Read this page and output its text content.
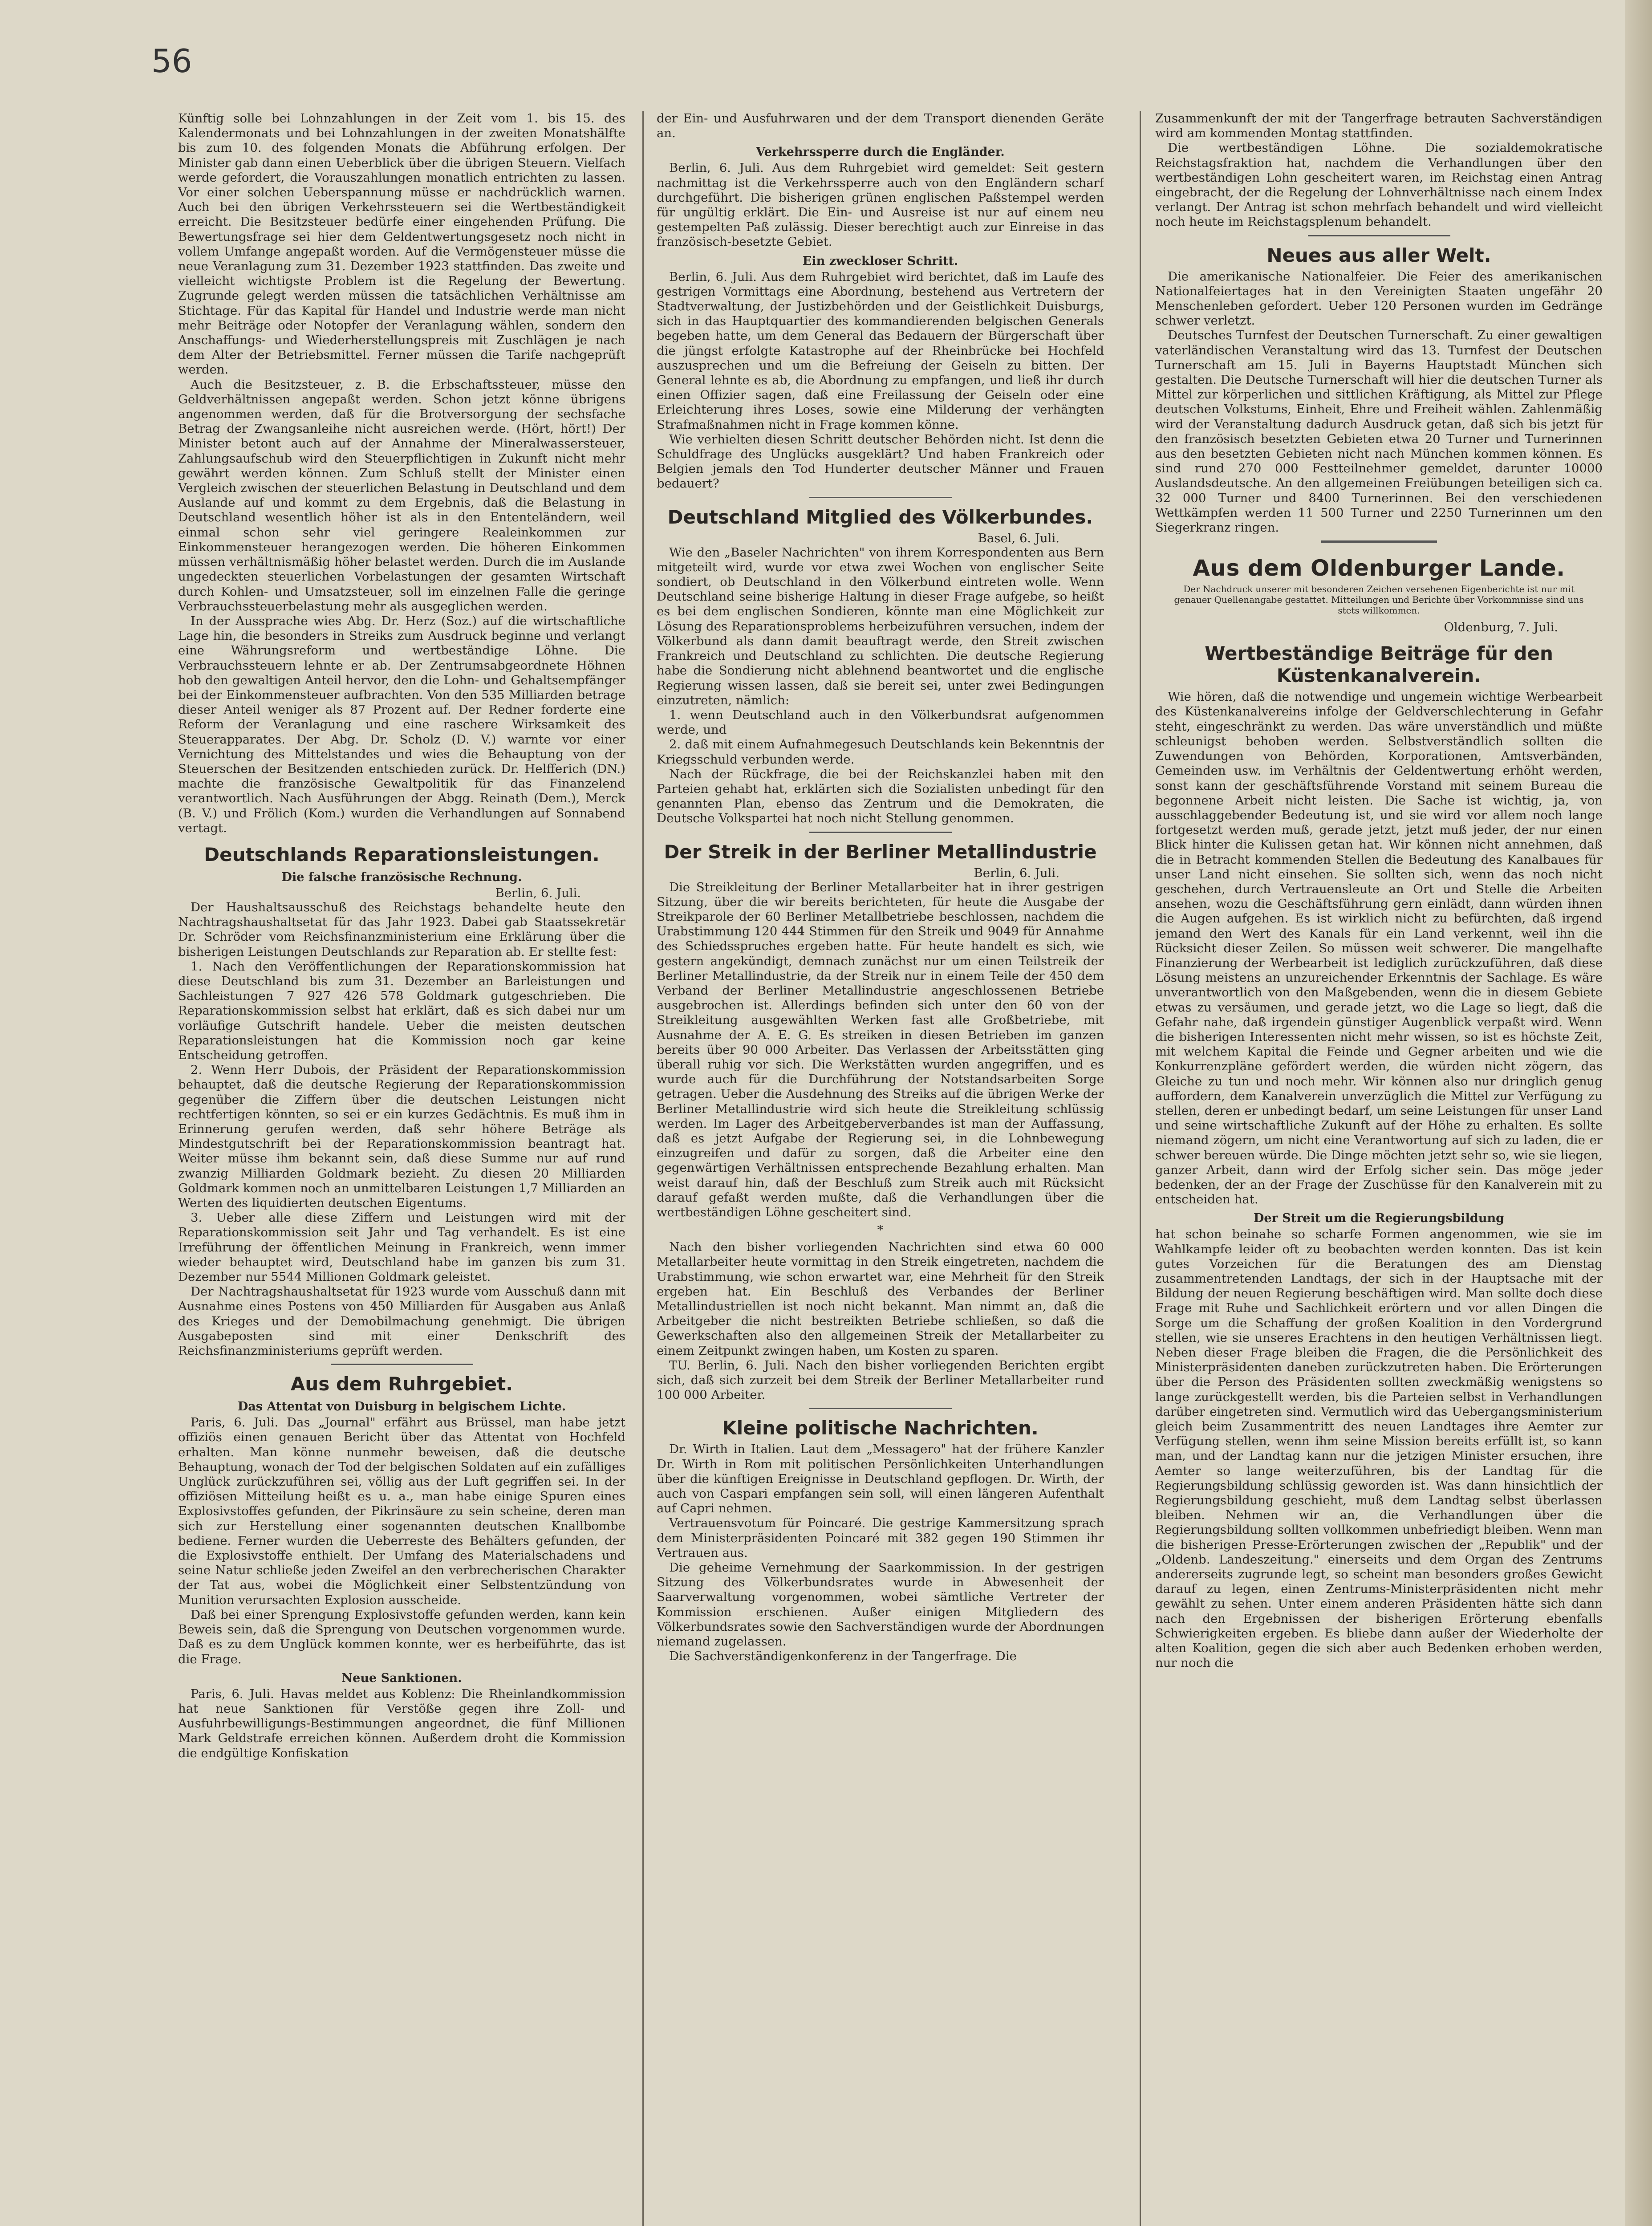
56

Künftig solle bei Lohnzahlungen in der Zeit vom 1. bis 15. des Kalendermonats und bei Lohnzahlungen in der zweiten Monatshälfte bis zum 10. des folgenden Monats die Abführung erfolgen. Der Minister gab dann einen Ueberblick über die übrigen Steuern. Vielfach werde gefordert, die Vorauszahlungen monatlich entrichten zu lassen. Vor einer solchen Ueberspannung müsse er nachdrücklich warnen. Auch bei den übrigen Verkehrssteuern sei die Wertbeständigkeit erreicht. Die Besitzsteuer bedürfe einer eingehenden Prüfung. Die Bewertungsfrage sei hier dem Geldentwertungsgesetz noch nicht in vollem Umfange angepaßt worden. Auf die Vermögensteuer müsse die neue Veranlagung zum 31. Dezember 1923 stattfinden. Das zweite und vielleicht wichtigste Problem ist die Regelung der Bewertung. Zugrunde gelegt werden müssen die tatsächlichen Verhältnisse am Stichtage. Für das Kapital für Handel und Industrie werde man nicht mehr Beiträge oder Notopfer der Veranlagung wählen, sondern den Anschaffungs- und Wiederherstellungspreis mit Zuschlägen je nach dem Alter der Betriebsmittel. Ferner müssen die Tarife nachgeprüft werden.

Auch die Besitzsteuer, z. B. die Erbschaftssteuer, müsse den Geldverhältnissen angepaßt werden. Schon jetzt könne übrigens angenommen werden, daß für die Brotversorgung der sechsfache Betrag der Zwangsanleihe nicht ausreichen werde. (Hört, hört!) Der Minister betont auch auf der Annahme der Mineralwassersteuer, Zahlungsaufschub wird den Steuerpflichtigen in Zukunft nicht mehr gewährt werden können. Zum Schluß stellt der Minister einen Vergleich zwischen der steuerlichen Belastung in Deutschland und dem Auslande auf und kommt zu dem Ergebnis, daß die Belastung in Deutschland wesentlich höher ist als in den Ententeländern, weil einmal schon sehr viel geringere Realeinkommen zur Einkommensteuer herangezogen werden. Die höheren Einkommen müssen verhältnismäßig höher belastet werden. Durch die im Auslande ungedeckten steuerlichen Vorbelastungen der gesamten Wirtschaft durch Kohlen- und Umsatzsteuer, soll im einzelnen Falle die geringe Verbrauchssteuerbelastung mehr als ausgeglichen werden.

In der Aussprache wies Abg. Dr. Herz (Soz.) auf die wirtschaftliche Lage hin, die besonders in Streiks zum Ausdruck beginne und verlangt eine Währungsreform und wertbeständige Löhne. Die Verbrauchssteuern lehnte er ab. Der Zentrumsabgeordnete Höhnen hob den gewaltigen Anteil hervor, den die Lohn- und Gehaltsempfänger bei der Einkommensteuer aufbrachten. Von den 535 Milliarden betrage dieser Anteil weniger als 87 Prozent auf. Der Redner forderte eine Reform der Veranlagung und eine raschere Wirksamkeit des Steuerapparates. Der Abg. Dr. Scholz (D. V.) warnte vor einer Vernichtung des Mittelstandes und wies die Behauptung von der Steuerschen der Besitzenden entschieden zurück. Dr. Helfferich (DN.) machte die französische Gewaltpolitik für das Finanzelend verantwortlich. Nach Ausführungen der Abgg. Reinath (Dem.), Merck (B. V.) und Frölich (Kom.) wurden die Verhandlungen auf Sonnabend vertagt.

Deutschlands Reparationsleistungen.
Die falsche französische Rechnung.

Berlin, 6. Juli.

Der Haushaltsausschuß des Reichstags behandelte heute den Nachtragshaushaltsetat für das Jahr 1923. Dabei gab Staatssekretär Dr. Schröder vom Reichsfinanzministerium eine Erklärung über die bisherigen Leistungen Deutschlands zur Reparation ab. Er stellte fest:

1. Nach den Veröffentlichungen der Reparationskommission hat diese Deutschland bis zum 31. Dezember an Barleistungen und Sachleistungen 7 927 426 578 Goldmark gutgeschrieben. Die Reparationskommission selbst hat erklärt, daß es sich dabei nur um vorläufige Gutschrift handele. Ueber die meisten deutschen Reparationsleistungen hat die Kommission noch gar keine Entscheidung getroffen.

2. Wenn Herr Dubois, der Präsident der Reparationskommission behauptet, daß die deutsche Regierung der Reparationskommission gegenüber die Ziffern über die deutschen Leistungen nicht rechtfertigen könnten, so sei er ein kurzes Gedächtnis. Es muß ihm in Erinnerung gerufen werden, daß sehr höhere Beträge als Mindestgutschrift bei der Reparationskommission beantragt hat. Weiter müsse ihm bekannt sein, daß diese Summe nur auf rund zwanzig Milliarden Goldmark bezieht. Zu diesen 20 Milliarden Goldmark kommen noch an unmittelbaren Leistungen 1,7 Milliarden an Werten des liquidierten deutschen Eigentums.

3. Ueber alle diese Ziffern und Leistungen wird mit der Reparationskommission seit Jahr und Tag verhandelt. Es ist eine Irreführung der öffentlichen Meinung in Frankreich, wenn immer wieder behauptet wird, Deutschland habe im ganzen bis zum 31. Dezember nur 5544 Millionen Goldmark geleistet.

Der Nachtragshaushaltsetat für 1923 wurde vom Ausschuß dann mit Ausnahme eines Postens von 450 Milliarden für Ausgaben aus Anlaß des Krieges und der Demobilmachung genehmigt. Die übrigen Ausgabeposten sind mit einer Denkschrift des Reichsfinanzministeriums geprüft werden.

Aus dem Ruhrgebiet.
Das Attentat von Duisburg in belgischem Lichte.

Paris, 6. Juli. Das „Journal" erfährt aus Brüssel, man habe jetzt offiziös einen genauen Bericht über das Attentat von Hochfeld erhalten. Man könne nunmehr beweisen, daß die deutsche Behauptung, wonach der Tod der belgischen Soldaten auf ein zufälliges Unglück zurückzuführen sei, völlig aus der Luft gegriffen sei. In der offiziösen Mitteilung heißt es u. a., man habe einige Spuren eines Explosivstoffes gefunden, der Pikrinsäure zu sein scheine, deren man sich zur Herstellung einer sogenannten deutschen Knallbombe bediene. Ferner wurden die Ueberreste des Behälters gefunden, der die Explosivstoffe enthielt. Der Umfang des Materialschadens und seine Natur schließe jeden Zweifel an den verbrecherischen Charakter der Tat aus, wobei die Möglichkeit einer Selbstentzündung von Munition verursachten Explosion ausscheide.

Daß bei einer Sprengung Explosivstoffe gefunden werden, kann kein Beweis sein, daß die Sprengung von Deutschen vorgenommen wurde. Daß es zu dem Unglück kommen konnte, wer es herbeiführte, das ist die Frage.

Neue Sanktionen.

Paris, 6. Juli. Havas meldet aus Koblenz: Die Rheinlandkommission hat neue Sanktionen für Verstöße gegen ihre Zoll- und Ausfuhrbewilligungs-Bestimmungen angeordnet, die fünf Millionen Mark Geldstrafe erreichen können. Außerdem droht die Kommission die endgültige Konfiskation

der Ein- und Ausfuhrwaren und der dem Transport dienenden Geräte an.

Verkehrssperre durch die Engländer.

Berlin, 6. Juli. Aus dem Ruhrgebiet wird gemeldet: Seit gestern nachmittag ist die Verkehrssperre auch von den Engländern scharf durchgeführt. Die bisherigen grünen englischen Paßstempel werden für ungültig erklärt. Die Ein- und Ausreise ist nur auf einem neu gestempelten Paß zulässig. Dieser berechtigt auch zur Einreise in das französisch-besetzte Gebiet.

Ein zweckloser Schritt.

Berlin, 6. Juli. Aus dem Ruhrgebiet wird berichtet, daß im Laufe des gestrigen Vormittags eine Abordnung, bestehend aus Vertretern der Stadtverwaltung, der Justizbehörden und der Geistlichkeit Duisburgs, sich in das Hauptquartier des kommandierenden belgischen Generals begeben hatte, um dem General das Bedauern der Bürgerschaft über die jüngst erfolgte Katastrophe auf der Rheinbrücke bei Hochfeld auszusprechen und um die Befreiung der Geiseln zu bitten. Der General lehnte es ab, die Abordnung zu empfangen, und ließ ihr durch einen Offizier sagen, daß eine Freilassung der Geiseln oder eine Erleichterung ihres Loses, sowie eine Milderung der verhängten Strafmaßnahmen nicht in Frage kommen könne.

Wie verhielten diesen Schritt deutscher Behörden nicht. Ist denn die Schuldfrage des Unglücks ausgeklärt? Und haben Frankreich oder Belgien jemals den Tod Hunderter deutscher Männer und Frauen bedauert?

Deutschland Mitglied des Völkerbundes.

Basel, 6. Juli.

Wie den „Baseler Nachrichten" von ihrem Korrespondenten aus Bern mitgeteilt wird, wurde vor etwa zwei Wochen von englischer Seite sondiert, ob Deutschland in den Völkerbund eintreten wolle. Wenn Deutschland seine bisherige Haltung in dieser Frage aufgebe, so heißt es bei dem englischen Sondieren, könnte man eine Möglichkeit zur Lösung des Reparationsproblems herbeizuführen versuchen, indem der Völkerbund als dann damit beauftragt werde, den Streit zwischen Frankreich und Deutschland zu schlichten. Die deutsche Regierung habe die Sondierung nicht ablehnend beantwortet und die englische Regierung wissen lassen, daß sie bereit sei, unter zwei Bedingungen einzutreten, nämlich:

1. wenn Deutschland auch in den Völkerbundsrat aufgenommen werde, und

2. daß mit einem Aufnahmegesuch Deutschlands kein Bekenntnis der Kriegsschuld verbunden werde.

Nach der Rückfrage, die bei der Reichskanzlei haben mit den Parteien gehabt hat, erklärten sich die Sozialisten unbedingt für den genannten Plan, ebenso das Zentrum und die Demokraten, die Deutsche Volkspartei hat noch nicht Stellung genommen.

Der Streik in der Berliner Metallindustrie

Berlin, 6. Juli.

Die Streikleitung der Berliner Metallarbeiter hat in ihrer gestrigen Sitzung, über die wir bereits berichteten, für heute die Ausgabe der Streikparole der 60 Berliner Metallbetriebe beschlossen, nachdem die Urabstimmung 120 444 Stimmen für den Streik und 9049 für Annahme des Schiedsspruches ergeben hatte. Für heute handelt es sich, wie gestern angekündigt, demnach zunächst nur um einen Teilstreik der Berliner Metallindustrie, da der Streik nur in einem Teile der 450 dem Verband der Berliner Metallindustrie angeschlossenen Betriebe ausgebrochen ist. Allerdings befinden sich unter den 60 von der Streikleitung ausgewählten Werken fast alle Großbetriebe, mit Ausnahme der A. E. G. Es streiken in diesen Betrieben im ganzen bereits über 90 000 Arbeiter. Das Verlassen der Arbeitsstätten ging überall ruhig vor sich. Die Werkstätten wurden angegriffen, und es wurde auch für die Durchführung der Notstandsarbeiten Sorge getragen. Ueber die Ausdehnung des Streiks auf die übrigen Werke der Berliner Metallindustrie wird sich heute die Streikleitung schlüssig werden. Im Lager des Arbeitgeberverbandes ist man der Auffassung, daß es jetzt Aufgabe der Regierung sei, in die Lohnbewegung einzugreifen und dafür zu sorgen, daß die Arbeiter eine den gegenwärtigen Verhältnissen entsprechende Bezahlung erhalten. Man weist darauf hin, daß der Beschluß zum Streik auch mit Rücksicht darauf gefaßt werden mußte, daß die Verhandlungen über die wertbeständigen Löhne gescheitert sind.

*

Nach den bisher vorliegenden Nachrichten sind etwa 60 000 Metallarbeiter heute vormittag in den Streik eingetreten, nachdem die Urabstimmung, wie schon erwartet war, eine Mehrheit für den Streik ergeben hat. Ein Beschluß des Verbandes der Berliner Metallindustriellen ist noch nicht bekannt. Man nimmt an, daß die Arbeitgeber die nicht bestreikten Betriebe schließen, so daß die Gewerkschaften also den allgemeinen Streik der Metallarbeiter zu einem Zeitpunkt zwingen haben, um Kosten zu sparen.

TU. Berlin, 6. Juli. Nach den bisher vorliegenden Berichten ergibt sich, daß sich zurzeit bei dem Streik der Berliner Metallarbeiter rund 100 000 Arbeiter.

Kleine politische Nachrichten.

Dr. Wirth in Italien. Laut dem „Messagero" hat der frühere Kanzler Dr. Wirth in Rom mit politischen Persönlichkeiten Unterhandlungen über die künftigen Ereignisse in Deutschland gepflogen. Dr. Wirth, der auch von Caspari empfangen sein soll, will einen längeren Aufenthalt auf Capri nehmen.

Vertrauensvotum für Poincaré. Die gestrige Kammersitzung sprach dem Ministerpräsidenten Poincaré mit 382 gegen 190 Stimmen ihr Vertrauen aus.

Die geheime Vernehmung der Saarkommission. In der gestrigen Sitzung des Völkerbundsrates wurde in Abwesenheit der Saarverwaltung vorgenommen, wobei sämtliche Vertreter der Kommission erschienen. Außer einigen Mitgliedern des Völkerbundsrates sowie den Sachverständigen wurde der Abordnungen niemand zugelassen.

Die Sachverständigenkonferenz in der Tangerfrage. Die

Zusammenkunft der mit der Tangerfrage betrauten Sachverständigen wird am kommenden Montag stattfinden.

Die wertbeständigen Löhne. Die sozialdemokratische Reichstagsfraktion hat, nachdem die Verhandlungen über den wertbeständigen Lohn gescheitert waren, im Reichstag einen Antrag eingebracht, der die Regelung der Lohnverhältnisse nach einem Index verlangt. Der Antrag ist schon mehrfach behandelt und wird vielleicht noch heute im Reichstagsplenum behandelt.

Neues aus aller Welt.

Die amerikanische Nationalfeier. Die Feier des amerikanischen Nationalfeiertages hat in den Vereinigten Staaten ungefähr 20 Menschenleben gefordert. Ueber 120 Personen wurden im Gedränge schwer verletzt.

Deutsches Turnfest der Deutschen Turnerschaft. Zu einer gewaltigen vaterländischen Veranstaltung wird das 13. Turnfest der Deutschen Turnerschaft am 15. Juli in Bayerns Hauptstadt München sich gestalten. Die Deutsche Turnerschaft will hier die deutschen Turner als Mittel zur körperlichen und sittlichen Kräftigung, als Mittel zur Pflege deutschen Volkstums, Einheit, Ehre und Freiheit wählen. Zahlenmäßig wird der Veranstaltung dadurch Ausdruck getan, daß sich bis jetzt für den französisch besetzten Gebieten etwa 20 Turner und Turnerinnen aus den besetzten Gebieten nicht nach München kommen können. Es sind rund 270 000 Festteilnehmer gemeldet, darunter 10000 Auslandsdeutsche. An den allgemeinen Freiübungen beteiligen sich ca. 32 000 Turner und 8400 Turnerinnen. Bei den verschiedenen Wettkämpfen werden 11 500 Turner und 2250 Turnerinnen um den Siegerkranz ringen.

Aus dem Oldenburger Lande.

Der Nachdruck unserer mit besonderen Zeichen versehenen Eigenberichte ist nur mit genauer Quellenangabe gestattet. Mitteilungen und Berichte über Vorkommnisse sind uns stets willkommen.

Oldenburg, 7. Juli.

Wertbeständige Beiträge für den Küstenkanalverein.

Wie hören, daß die notwendige und ungemein wichtige Werbearbeit des Küstenkanalvereins infolge der Geldverschlechterung in Gefahr steht, eingeschränkt zu werden. Das wäre unverständlich und müßte schleunigst behoben werden. Selbstverständlich sollten die Zuwendungen von Behörden, Korporationen, Amtsverbänden, Gemeinden usw. im Verhältnis der Geldentwertung erhöht werden, sonst kann der geschäftsführende Vorstand mit seinem Bureau die begonnene Arbeit nicht leisten. Die Sache ist wichtig, ja, von ausschlaggebender Bedeutung ist, und sie wird vor allem noch lange fortgesetzt werden muß, gerade jetzt, jetzt muß jeder, der nur einen Blick hinter die Kulissen getan hat. Wir können nicht annehmen, daß die in Betracht kommenden Stellen die Bedeutung des Kanalbaues für unser Land nicht einsehen. Sie sollten sich, wenn das noch nicht geschehen, durch Vertrauensleute an Ort und Stelle die Arbeiten ansehen, wozu die Geschäftsführung gern einlädt, dann würden ihnen die Augen aufgehen. Es ist wirklich nicht zu befürchten, daß irgend jemand den Wert des Kanals für ein Land verkennt, weil ihn die Rücksicht dieser Zeilen. So müssen weit schwerer. Die mangelhafte Finanzierung der Werbearbeit ist lediglich zurückzuführen, daß diese Lösung meistens an unzureichender Erkenntnis der Sachlage. Es wäre unverantwortlich von den Maßgebenden, wenn die in diesem Gebiete etwas zu versäumen, und gerade jetzt, wo die Lage so liegt, daß die Gefahr nahe, daß irgendein günstiger Augenblick verpaßt wird. Wenn die bisherigen Interessenten nicht mehr wissen, so ist es höchste Zeit, mit welchem Kapital die Feinde und Gegner arbeiten und wie die Konkurrenzpläne gefördert werden, die würden nicht zögern, das Gleiche zu tun und noch mehr. Wir können also nur dringlich genug auffordern, dem Kanalverein unverzüglich die Mittel zur Verfügung zu stellen, deren er unbedingt bedarf, um seine Leistungen für unser Land und seine wirtschaftliche Zukunft auf der Höhe zu erhalten. Es sollte niemand zögern, um nicht eine Verantwortung auf sich zu laden, die er schwer bereuen würde. Die Dinge möchten jetzt sehr so, wie sie liegen, ganzer Arbeit, dann wird der Erfolg sicher sein. Das möge jeder bedenken, der an der Frage der Zuschüsse für den Kanalverein mit zu entscheiden hat.

Der Streit um die Regierungsbildung

hat schon beinahe so scharfe Formen angenommen, wie sie im Wahlkampfe leider oft zu beobachten werden konnten. Das ist kein gutes Vorzeichen für die Beratungen des am Dienstag zusammentretenden Landtags, der sich in der Hauptsache mit der Bildung der neuen Regierung beschäftigen wird. Man sollte doch diese Frage mit Ruhe und Sachlichkeit erörtern und vor allen Dingen die Sorge um die Schaffung der großen Koalition in den Vordergrund stellen, wie sie unseres Erachtens in den heutigen Verhältnissen liegt. Neben dieser Frage bleiben die Fragen, die die Persönlichkeit des Ministerpräsidenten daneben zurückzutreten haben. Die Erörterungen über die Person des Präsidenten sollten zweckmäßig wenigstens so lange zurückgestellt werden, bis die Parteien selbst in Verhandlungen darüber eingetreten sind. Vermutlich wird das Uebergangsministerium gleich beim Zusammentritt des neuen Landtages ihre Aemter zur Verfügung stellen, wenn ihm seine Mission bereits erfüllt ist, so kann man, und der Landtag kann nur die jetzigen Minister ersuchen, ihre Aemter so lange weiterzuführen, bis der Landtag für die Regierungsbildung schlüssig geworden ist. Was dann hinsichtlich der Regierungsbildung geschieht, muß dem Landtag selbst überlassen bleiben. Nehmen wir an, die Verhandlungen über die Regierungsbildung sollten vollkommen unbefriedigt bleiben. Wenn man die bisherigen Presse-Erörterungen zwischen der „Republik" und der „Oldenb. Landeszeitung." einerseits und dem Organ des Zentrums andererseits zugrunde legt, so scheint man besonders großes Gewicht darauf zu legen, einen Zentrums-Ministerpräsidenten nicht mehr gewählt zu sehen. Unter einem anderen Präsidenten hätte sich dann nach den Ergebnissen der bisherigen Erörterung ebenfalls Schwierigkeiten ergeben. Es bliebe dann außer der Wiederholte der alten Koalition, gegen die sich aber auch Bedenken erhoben werden, nur noch die
